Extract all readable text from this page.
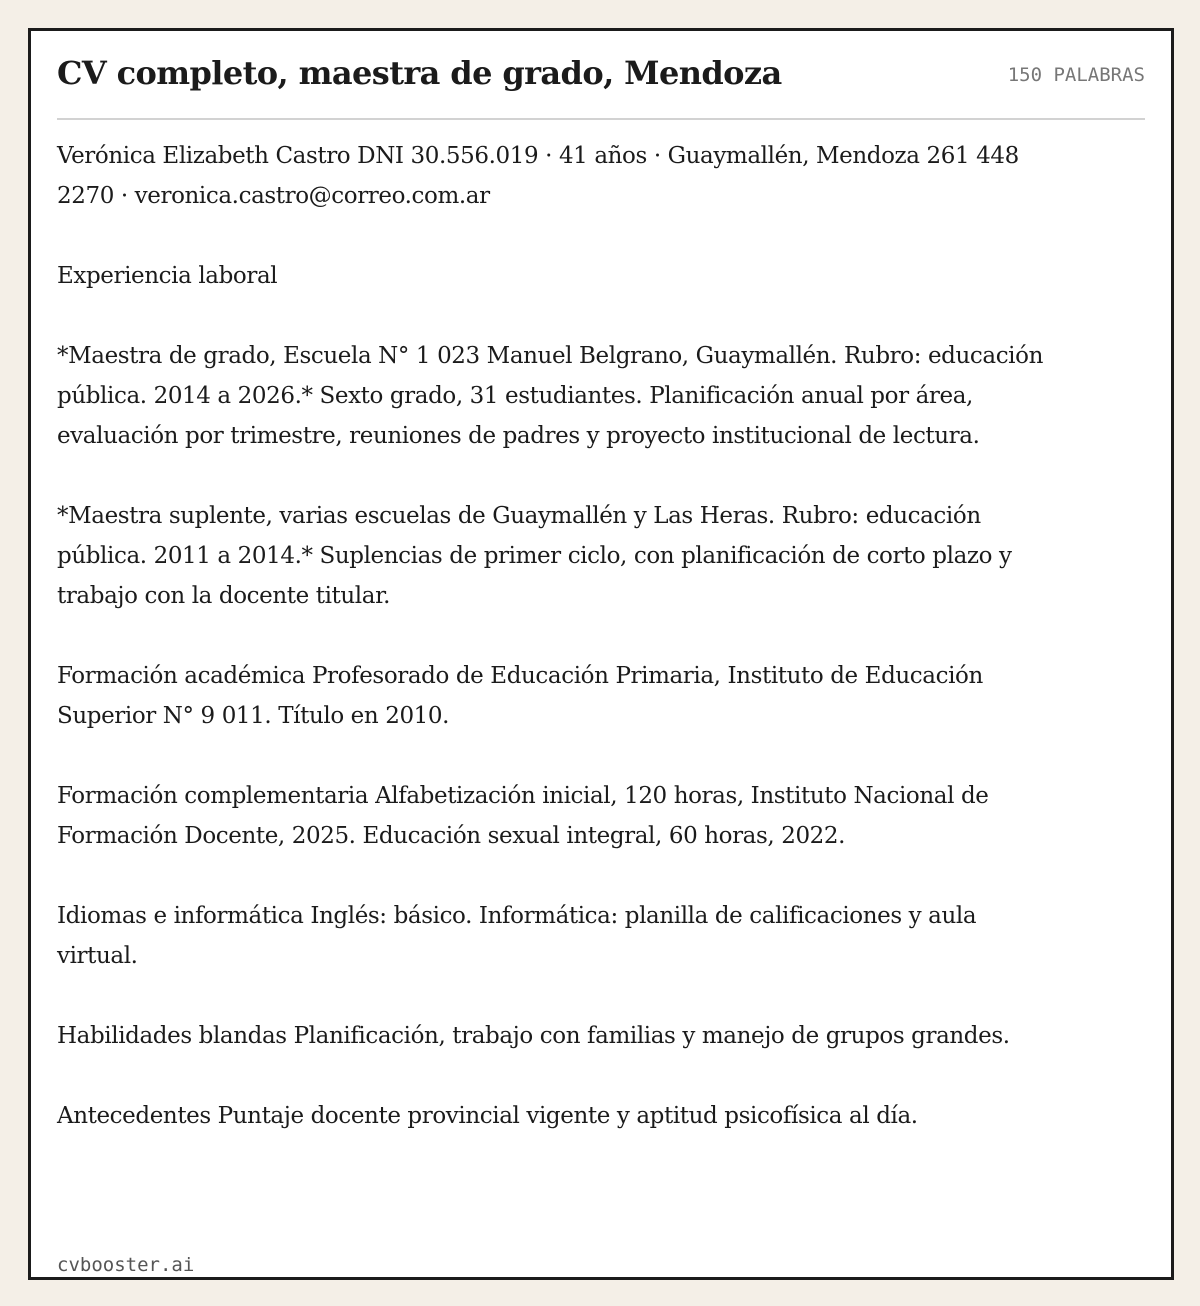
CV completo, maestra de grado, Mendoza	150 PALABRAS

Verónica Elizabeth Castro DNI 30.556.019 · 41 años · Guaymallén, Mendoza 261 448 2270 · veronica.castro@correo.com.ar

Experiencia laboral

*Maestra de grado, Escuela N° 1 023 Manuel Belgrano, Guaymallén. Rubro: educación pública. 2014 a 2026.* Sexto grado, 31 estudiantes. Planificación anual por área, evaluación por trimestre, reuniones de padres y proyecto institucional de lectura.

*Maestra suplente, varias escuelas de Guaymallén y Las Heras. Rubro: educación pública. 2011 a 2014.* Suplencias de primer ciclo, con planificación de corto plazo y trabajo con la docente titular.

Formación académica Profesorado de Educación Primaria, Instituto de Educación Superior N° 9 011. Título en 2010.

Formación complementaria Alfabetización inicial, 120 horas, Instituto Nacional de Formación Docente, 2025. Educación sexual integral, 60 horas, 2022.

Idiomas e informática Inglés: básico. Informática: planilla de calificaciones y aula virtual.

Habilidades blandas Planificación, trabajo con familias y manejo de grupos grandes.

Antecedentes Puntaje docente provincial vigente y aptitud psicofísica al día.

cvbooster.ai
